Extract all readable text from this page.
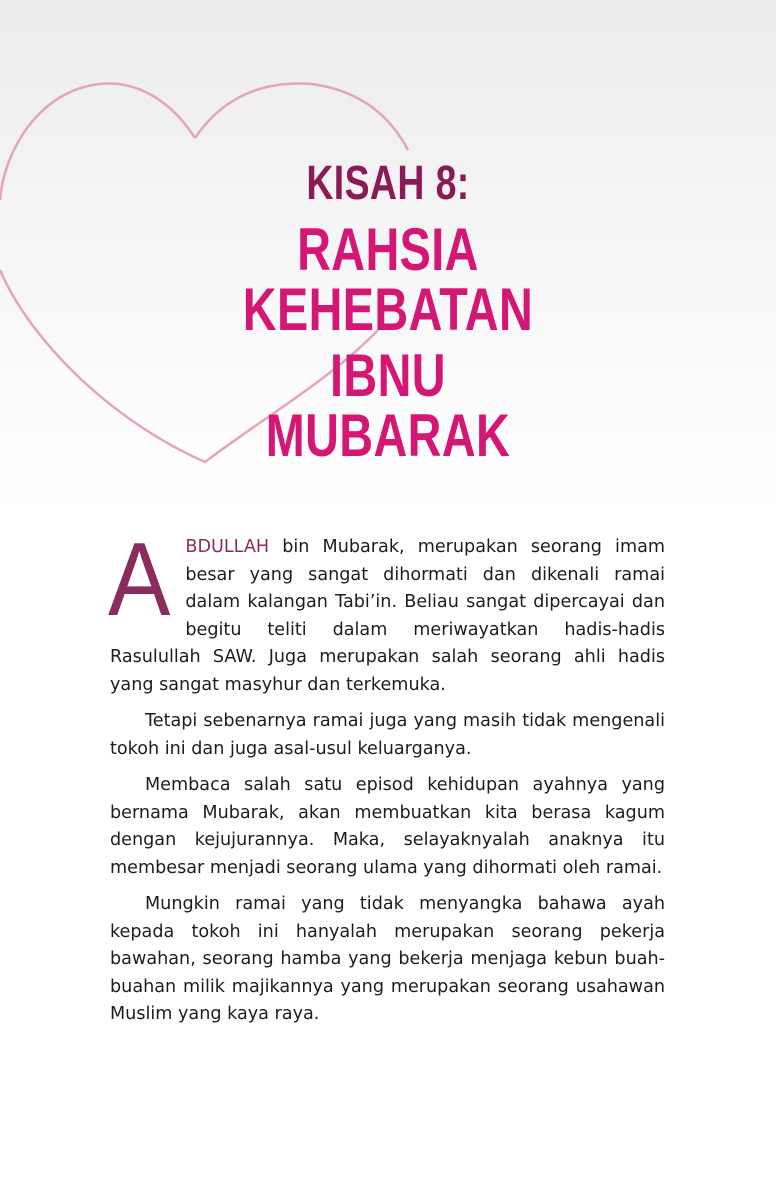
KISAH 8:
RAHSIA KEHEBATAN
IBNU MUBARAK

ABDULLAH bin Mubarak, merupakan seorang imam besar yang sangat dihormati dan dikenali ramai dalam kalangan Tabi’in. Beliau sangat dipercayai dan begitu teliti dalam meriwayatkan hadis-hadis Rasulullah SAW. Juga merupakan salah seorang ahli hadis yang sangat masyhur dan terkemuka.

Tetapi sebenarnya ramai juga yang masih tidak mengenali tokoh ini dan juga asal-usul keluarganya.

Membaca salah satu episod kehidupan ayahnya yang bernama Mubarak, akan membuatkan kita berasa kagum dengan kejujurannya. Maka, selayaknyalah anaknya itu membesar menjadi seorang ulama yang dihormati oleh ramai.

Mungkin ramai yang tidak menyangka bahawa ayah kepada tokoh ini hanyalah merupakan seorang pekerja bawahan, seorang hamba yang bekerja menjaga kebun buah-buahan milik majikannya yang merupakan seorang usahawan Muslim yang kaya raya.
